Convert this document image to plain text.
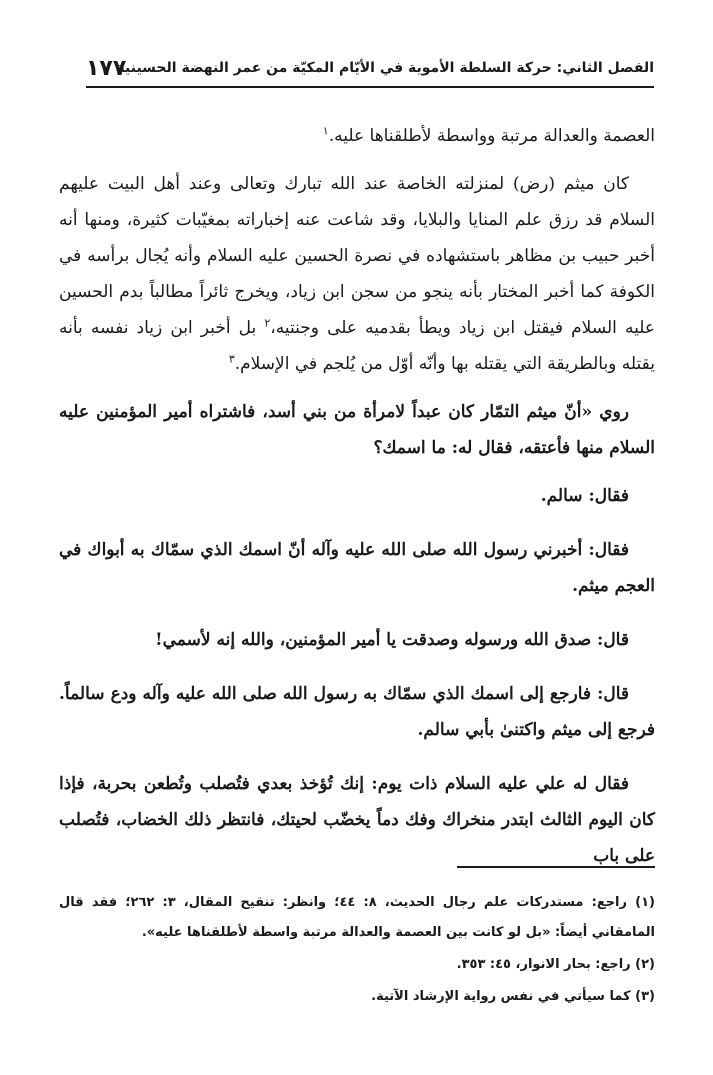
الفصل الثاني: حركة السلطة الأموية في الأيّام المكيّة من عمر النهضة الحسينية
١٧٧

العصمة والعدالة مرتبة وواسطة لأطلقناها عليه.$^١$

كان ميثم (رض) لمنزلته الخاصة عند الله تبارك وتعالى وعند أهل البيت عليهم السلام قد رزق علم المنايا والبلايا، وقد شاعت عنه إخباراته بمغيّبات كثيرة، ومنها أنه أخبر حبيب بن مظاهر باستشهاده في نصرة الحسين عليه السلام وأنه يُجال برأسه في الكوفة كما أخبر المختار بأنه ينجو من سجن ابن زياد، ويخرج ثائراً مطالباً بدم الحسين عليه السلام فيقتل ابن زياد ويطأ بقدميه على وجنتيه،$^٢$ بل أخبر ابن زياد نفسه بأنه يقتله وبالطريقة التي يقتله بها وأنّه أوّل من يُلجم في الإسلام.$^٣$

روي «أنّ ميثم التمّار كان عبداً لامرأة من بني أسد، فاشتراه أمير المؤمنين عليه السلام منها فأعتقه، فقال له: ما اسمك؟

فقال: سالم.

فقال: أخبرني رسول الله صلى الله عليه وآله أنّ اسمك الذي سمّاك به أبواك في العجم ميثم.

قال: صدق الله ورسوله وصدقت يا أمير المؤمنين، والله إنه لأسمي!

قال: فارجع إلى اسمك الذي سمّاك به رسول الله صلى الله عليه وآله ودع سالماً. فرجع إلى ميثم واكتنىٰ بأبي سالم.

فقال له علي عليه السلام ذات يوم: إنك تُؤخذ بعدي فتُصلب وتُطعن بحربة، فإذا كان اليوم الثالث ابتدر منخراك وفك دماً يخضّب لحيتك، فانتظر ذلك الخضاب، فتُصلب على باب

(١) راجع: مستدركات علم رجال الحديث، ٨: ٤٤؛ وانظر: تنقيح المقال، ٣: ٢٦٢؛ فقد قال المامقاني أيضاً: «بل لو كانت بين العصمة والعدالة مرتبة واسطة لأطلقناها عليه».
(٢) راجع: بحار الانوار، ٤٥: ٣٥٣.
(٣) كما سيأتي في نفس رواية الإرشاد الآتية.
